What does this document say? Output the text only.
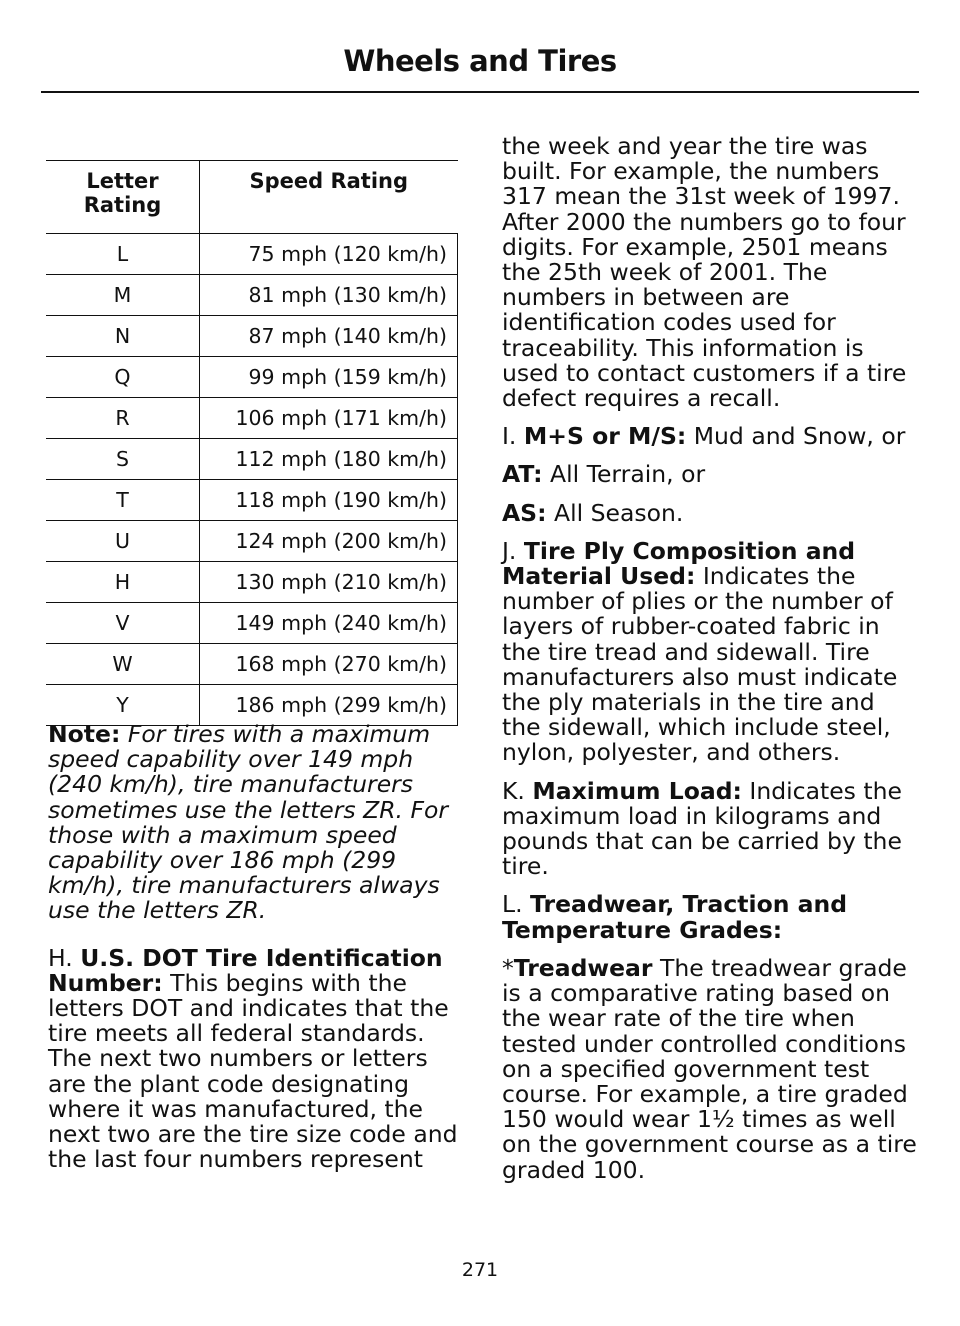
Wheels and Tires
Letter Rating	Speed Rating
L	75 mph (120 km/h)
M	81 mph (130 km/h)
N	87 mph (140 km/h)
Q	99 mph (159 km/h)
R	106 mph (171 km/h)
S	112 mph (180 km/h)
T	118 mph (190 km/h)
U	124 mph (200 km/h)
H	130 mph (210 km/h)
V	149 mph (240 km/h)
W	168 mph (270 km/h)
Y	186 mph (299 km/h)

Note: For tires with a maximum speed capability over 149 mph (240 km/h), tire manufacturers sometimes use the letters ZR. For those with a maximum speed capability over 186 mph (299 km/h), tire manufacturers always use the letters ZR.

H. U.S. DOT Tire Identification Number: This begins with the letters DOT and indicates that the tire meets all federal standards. The next two numbers or letters are the plant code designating where it was manufactured, the next two are the tire size code and the last four numbers represent

the week and year the tire was built. For example, the numbers 317 mean the 31st week of 1997. After 2000 the numbers go to four digits. For example, 2501 means the 25th week of 2001. The numbers in between are identification codes used for traceability. This information is used to contact customers if a tire defect requires a recall.

I. M+S or M/S: Mud and Snow, or

AT: All Terrain, or

AS: All Season.

J. Tire Ply Composition and Material Used: Indicates the number of plies or the number of layers of rubber-coated fabric in the tire tread and sidewall. Tire manufacturers also must indicate the ply materials in the tire and the sidewall, which include steel, nylon, polyester, and others.

K. Maximum Load: Indicates the maximum load in kilograms and pounds that can be carried by the tire.

L. Treadwear, Traction and Temperature Grades:

*Treadwear The treadwear grade is a comparative rating based on the wear rate of the tire when tested under controlled conditions on a specified government test course. For example, a tire graded 150 would wear 1½ times as well on the government course as a tire graded 100.

271
